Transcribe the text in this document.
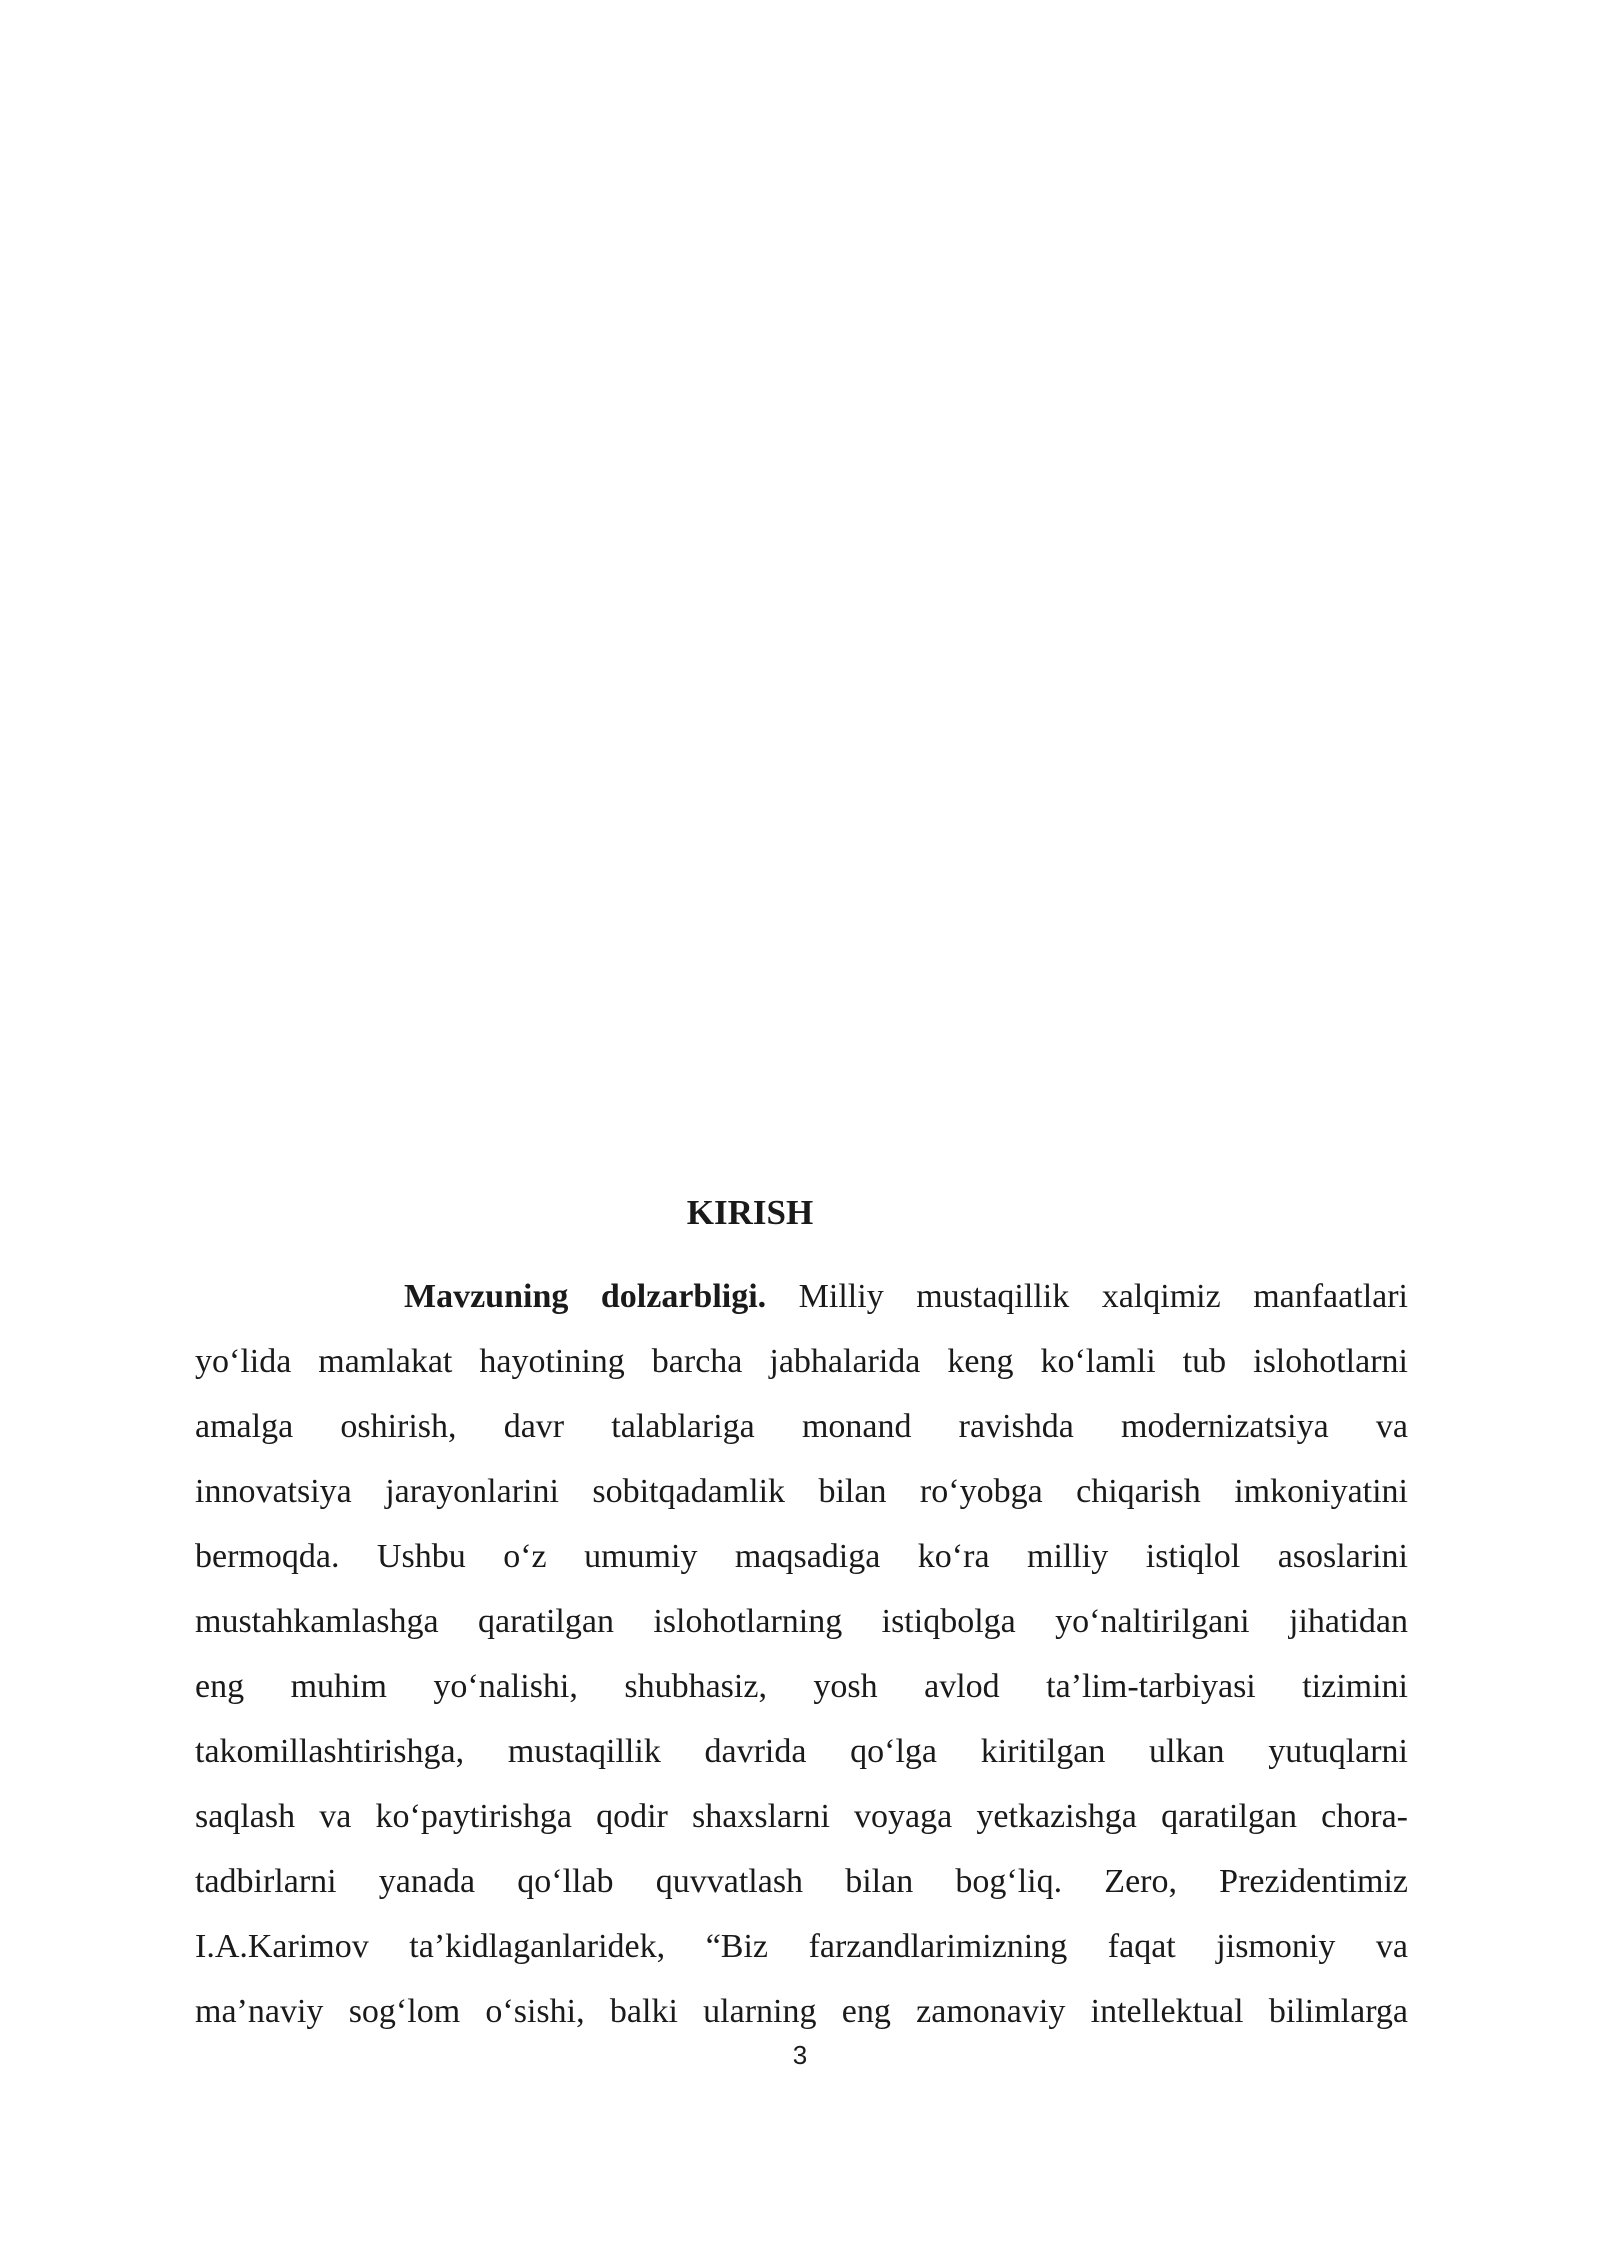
KIRISH
Mavzuning dolzarbligi. Milliy mustaqillik xalqimiz manfaatlari
yo‘lida mamlakat hayotining barcha jabhalarida keng ko‘lamli tub islohotlarni
amalga oshirish, davr talablariga monand ravishda modernizatsiya va
innovatsiya jarayonlarini sobitqadamlik bilan ro‘yobga chiqarish imkoniyatini
bermoqda. Ushbu o‘z umumiy maqsadiga ko‘ra milliy istiqlol asoslarini
mustahkamlashga qaratilgan islohotlarning istiqbolga yo‘naltirilgani jihatidan
eng muhim yo‘nalishi, shubhasiz, yosh avlod ta’lim-tarbiyasi tizimini
takomillashtirishga, mustaqillik davrida qo‘lga kiritilgan ulkan yutuqlarni
saqlash va ko‘paytirishga qodir shaxslarni voyaga yetkazishga qaratilgan chora-
tadbirlarni yanada qo‘llab quvvatlash bilan bog‘liq. Zero, Prezidentimiz
I.A.Karimov ta’kidlaganlaridek, “Biz farzandlarimizning faqat jismoniy va
ma’naviy sog‘lom o‘sishi, balki ularning eng zamonaviy intellektual bilimlarga
3
